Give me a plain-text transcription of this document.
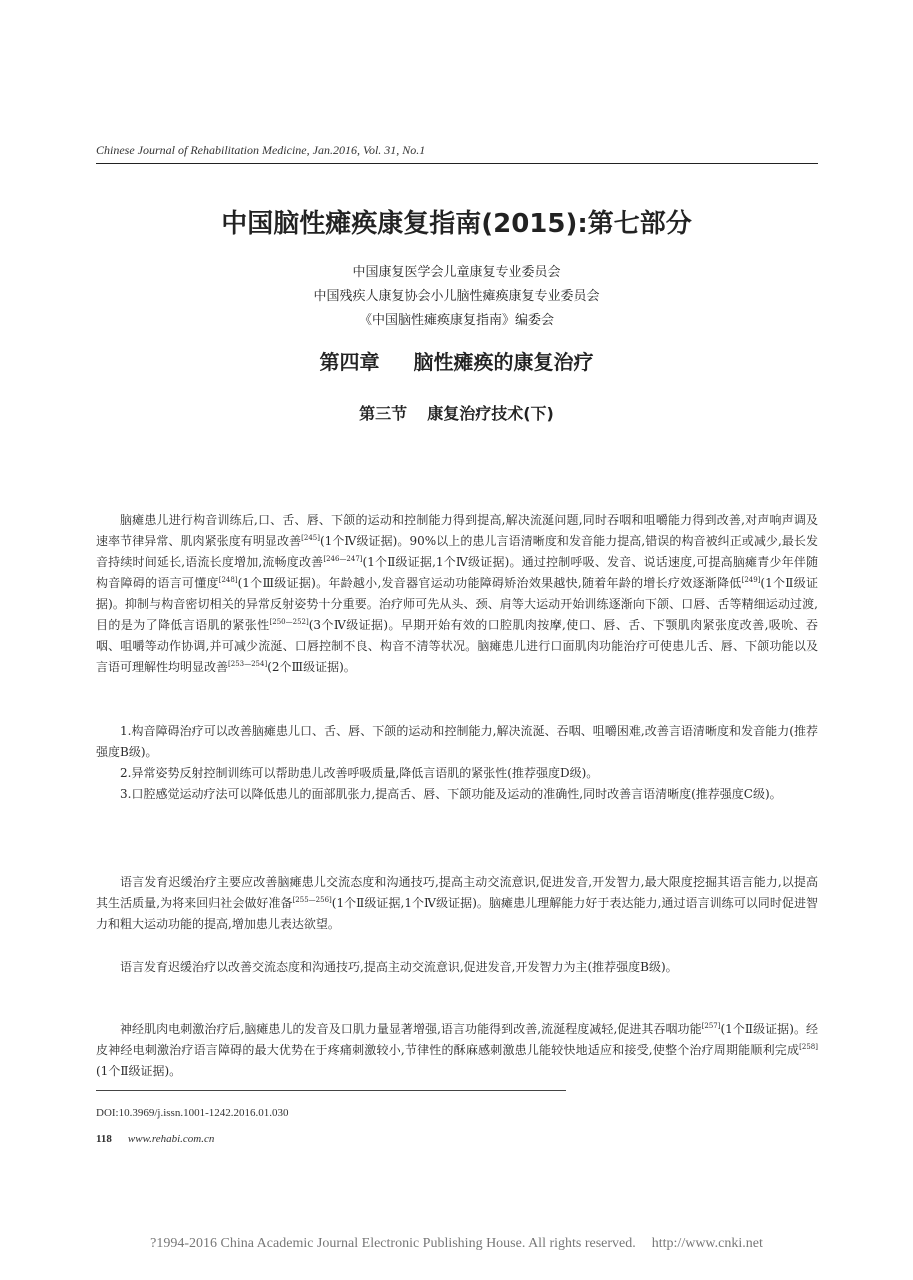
Chinese Journal of Rehabilitation Medicine, Jan.2016, Vol. 31, No.1
中国脑性瘫痪康复指南(2015):第七部分
中国康复医学会儿童康复专业委员会
中国残疾人康复协会小儿脑性瘫痪康复专业委员会
《中国脑性瘫痪康复指南》编委会
第四章 脑性瘫痪的康复治疗
第三节 康复治疗技术(下)

脑瘫患儿进行构音训练后,口、舌、唇、下颌的运动和控制能力得到提高,解决流涎问题,同时吞咽和咀嚼能力得到改善,对声响声调及速率节律异常、肌肉紧张度有明显改善[245](1个Ⅳ级证据)。90%以上的患儿言语清晰度和发音能力提高,错误的构音被纠正或减少,最长发音持续时间延长,语流长度增加,流畅度改善[246—247](1个Ⅱ级证据,1个Ⅳ级证据)。通过控制呼吸、发音、说话速度,可提高脑瘫青少年伴随构音障碍的语言可懂度[248](1个Ⅲ级证据)。年龄越小,发音器官运动功能障碍矫治效果越快,随着年龄的增长疗效逐渐降低[249](1个Ⅱ级证据)。抑制与构音密切相关的异常反射姿势十分重要。治疗师可先从头、颈、肩等大运动开始训练逐渐向下颌、口唇、舌等精细运动过渡,目的是为了降低言语肌的紧张性[250—252](3个Ⅳ级证据)。早期开始有效的口腔肌肉按摩,使口、唇、舌、下颚肌肉紧张度改善,吸吮、吞咽、咀嚼等动作协调,并可减少流涎、口唇控制不良、构音不清等状况。脑瘫患儿进行口面肌肉功能治疗可使患儿舌、唇、下颌功能以及言语可理解性均明显改善[253—254](2个Ⅲ级证据)。

1.构音障碍治疗可以改善脑瘫患儿口、舌、唇、下颌的运动和控制能力,解决流涎、吞咽、咀嚼困难,改善言语清晰度和发音能力(推荐强度B级)。

2.异常姿势反射控制训练可以帮助患儿改善呼吸质量,降低言语肌的紧张性(推荐强度D级)。

3.口腔感觉运动疗法可以降低患儿的面部肌张力,提高舌、唇、下颌功能及运动的准确性,同时改善言语清晰度(推荐强度C级)。

语言发育迟缓治疗主要应改善脑瘫患儿交流态度和沟通技巧,提高主动交流意识,促进发音,开发智力,最大限度挖掘其语言能力,以提高其生活质量,为将来回归社会做好准备[255—256](1个Ⅱ级证据,1个Ⅳ级证据)。脑瘫患儿理解能力好于表达能力,通过语言训练可以同时促进智力和粗大运动功能的提高,增加患儿表达欲望。

语言发育迟缓治疗以改善交流态度和沟通技巧,提高主动交流意识,促进发音,开发智力为主(推荐强度B级)。

神经肌肉电刺激治疗后,脑瘫患儿的发音及口肌力量显著增强,语言功能得到改善,流涎程度减轻,促进其吞咽功能[257](1个Ⅱ级证据)。经皮神经电刺激治疗语言障碍的最大优势在于疼痛刺激较小,节律性的酥麻感刺激患儿能较快地适应和接受,使整个治疗周期能顺利完成[258](1个Ⅱ级证据)。

DOI:10.3969/j.issn.1001-1242.2016.01.030
118 www.rehabi.com.cn
?1994-2016 China Academic Journal Electronic Publishing House. All rights reserved. http://www.cnki.net
